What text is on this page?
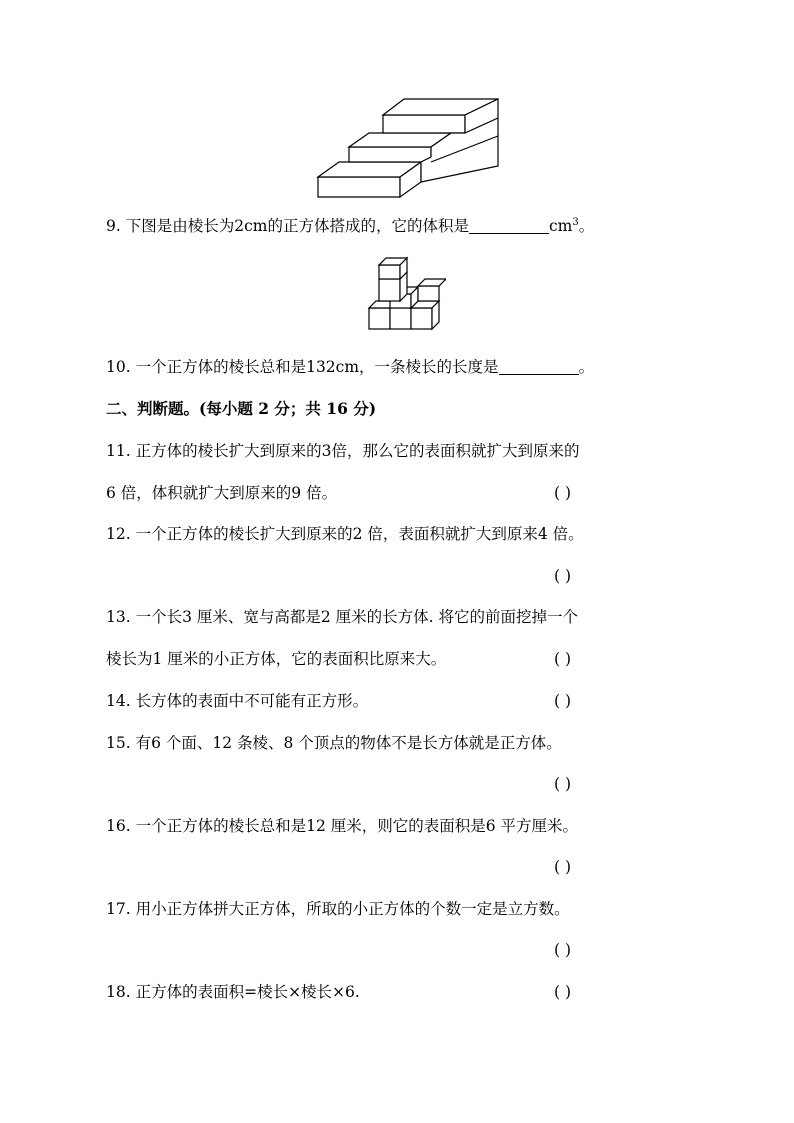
9. 下图是由棱长为2cm的正方体搭成的，它的体积是	$cm^3$。
10. 一个正方体的棱长总和是132cm，一条棱长的长度是	。
二、判断题。(每小题 2 分；共 16 分)
11. 正方体的棱长扩大到原来的3倍，那么它的表面积就扩大到原来的
6 倍，体积就扩大到原来的9 倍。	( )
12. 一个正方体的棱长扩大到原来的2 倍，表面积就扩大到原来4 倍。
( )
13. 一个长3 厘米、宽与高都是2 厘米的长方体. 将它的前面挖掉一个
棱长为1 厘米的小正方体，它的表面积比原来大。	( )
14. 长方体的表面中不可能有正方形。	( )
15. 有6 个面、12 条棱、8 个顶点的物体不是长方体就是正方体。
( )
16. 一个正方体的棱长总和是12 厘米，则它的表面积是6 平方厘米。
( )
17. 用小正方体拼大正方体，所取的小正方体的个数一定是立方数。
( )
18. 正方体的表面积=棱长×棱长×6.	( )
